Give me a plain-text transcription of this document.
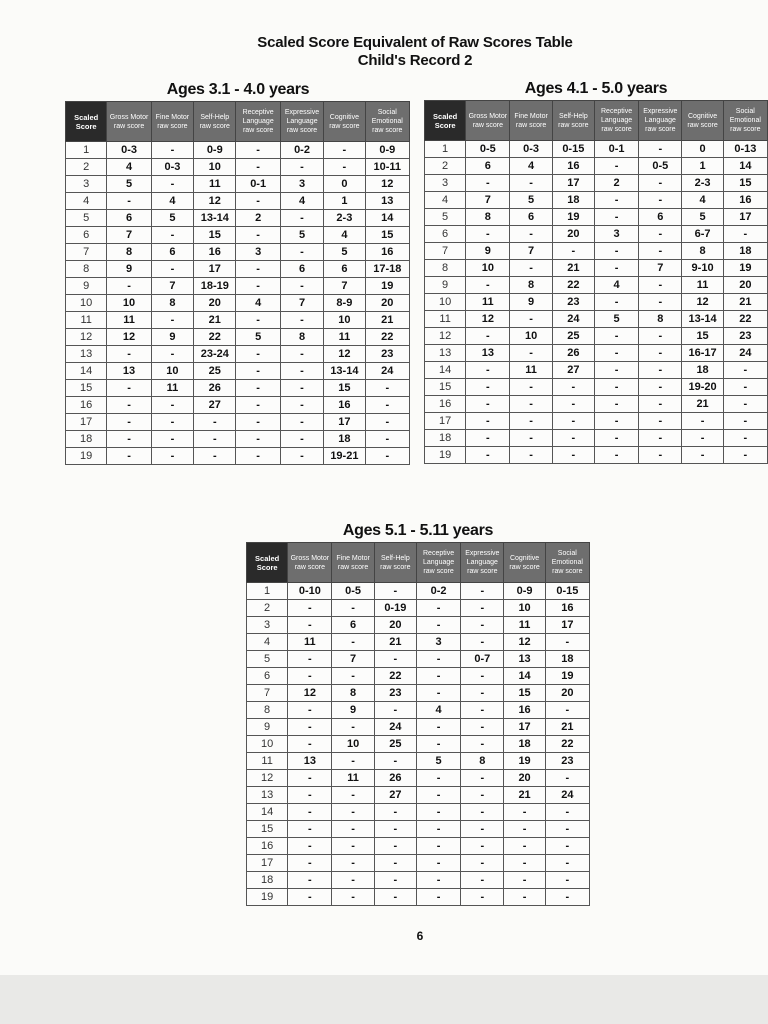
Scaled Score Equivalent of Raw Scores Table
Child's Record 2
Ages 3.1 - 4.0 years
Scaled Score	Gross Motor raw score	Fine Motor raw score	Self-Help raw score	Receptive Language raw score	Expressive Language raw score	Cognitive raw score	Social Emotional raw score
1	0-3	-	0-9	-	0-2	-	0-9
2	4	0-3	10	-	-	-	10-11
3	5	-	11	0-1	3	0	12
4	-	4	12	-	4	1	13
5	6	5	13-14	2	-	2-3	14
6	7	-	15	-	5	4	15
7	8	6	16	3	-	5	16
8	9	-	17	-	6	6	17-18
9	-	7	18-19	-	-	7	19
10	10	8	20	4	7	8-9	20
11	11	-	21	-	-	10	21
12	12	9	22	5	8	11	22
13	-	-	23-24	-	-	12	23
14	13	10	25	-	-	13-14	24
15	-	11	26	-	-	15	-
16	-	-	27	-	-	16	-
17	-	-	-	-	-	17	-
18	-	-	-	-	-	18	-
19	-	-	-	-	-	19-21	-
Ages 4.1 - 5.0 years
Scaled Score	Gross Motor raw score	Fine Motor raw score	Self-Help raw score	Receptive Language raw score	Expressive Language raw score	Cognitive raw score	Social Emotional raw score
1	0-5	0-3	0-15	0-1	-	0	0-13
2	6	4	16	-	0-5	1	14
3	-	-	17	2	-	2-3	15
4	7	5	18	-	-	4	16
5	8	6	19	-	6	5	17
6	-	-	20	3	-	6-7	-
7	9	7	-	-	-	8	18
8	10	-	21	-	7	9-10	19
9	-	8	22	4	-	11	20
10	11	9	23	-	-	12	21
11	12	-	24	5	8	13-14	22
12	-	10	25	-	-	15	23
13	13	-	26	-	-	16-17	24
14	-	11	27	-	-	18	-
15	-	-	-	-	-	19-20	-
16	-	-	-	-	-	21	-
17	-	-	-	-	-	-	-
18	-	-	-	-	-	-	-
19	-	-	-	-	-	-	-
Ages 5.1 - 5.11 years
Scaled Score	Gross Motor raw score	Fine Motor raw score	Self-Help raw score	Receptive Language raw score	Expressive Language raw score	Cognitive raw score	Social Emotional raw score
1	0-10	0-5	-	0-2	-	0-9	0-15
2	-	-	0-19	-	-	10	16
3	-	6	20	-	-	11	17
4	11	-	21	3	-	12	-
5	-	7	-	-	0-7	13	18
6	-	-	22	-	-	14	19
7	12	8	23	-	-	15	20
8	-	9	-	4	-	16	-
9	-	-	24	-	-	17	21
10	-	10	25	-	-	18	22
11	13	-	-	5	8	19	23
12	-	11	26	-	-	20	-
13	-	-	27	-	-	21	24
14	-	-	-	-	-	-	-
15	-	-	-	-	-	-	-
16	-	-	-	-	-	-	-
17	-	-	-	-	-	-	-
18	-	-	-	-	-	-	-
19	-	-	-	-	-	-	-
6
